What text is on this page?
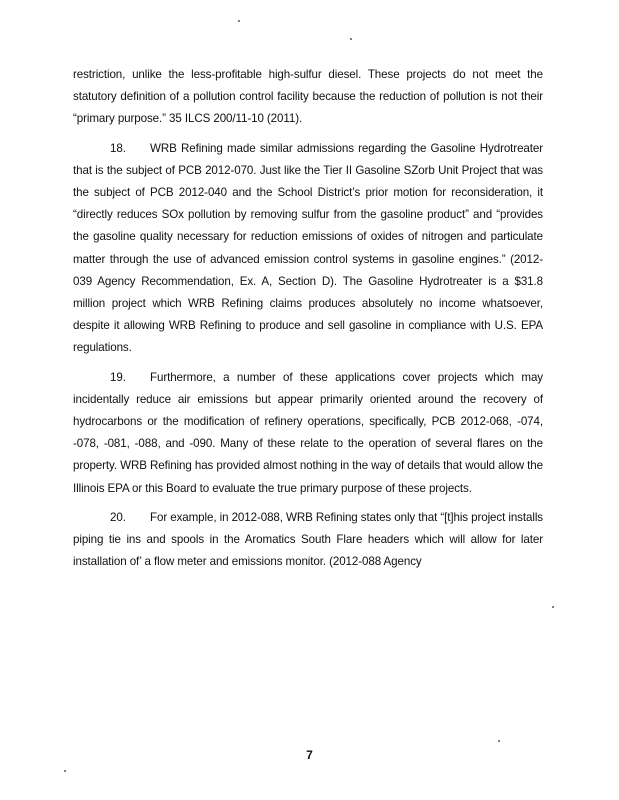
restriction, unlike the less-profitable high-sulfur diesel. These projects do not meet the statutory definition of a pollution control facility because the reduction of pollution is not their “primary purpose.” 35 ILCS 200/11-10 (2011).

18. WRB Refining made similar admissions regarding the Gasoline Hydrotreater that is the subject of PCB 2012-070. Just like the Tier II Gasoline SZorb Unit Project that was the subject of PCB 2012-040 and the School District’s prior motion for reconsideration, it “directly reduces SOx pollution by removing sulfur from the gasoline product” and “provides the gasoline quality necessary for reduction emissions of oxides of nitrogen and particulate matter through the use of advanced emission control systems in gasoline engines.” (2012-039 Agency Recommendation, Ex. A, Section D). The Gasoline Hydrotreater is a $31.8 million project which WRB Refining claims produces absolutely no income whatsoever, despite it allowing WRB Refining to produce and sell gasoline in compliance with U.S. EPA regulations.

19. Furthermore, a number of these applications cover projects which may incidentally reduce air emissions but appear primarily oriented around the recovery of hydrocarbons or the modification of refinery operations, specifically, PCB 2012-068, -074, -078, -081, -088, and -090. Many of these relate to the operation of several flares on the property. WRB Refining has provided almost nothing in the way of details that would allow the Illinois EPA or this Board to evaluate the true primary purpose of these projects.

20. For example, in 2012-088, WRB Refining states only that “[t]his project installs piping tie ins and spools in the Aromatics South Flare headers which will allow for later installation of’ a flow meter and emissions monitor. (2012-088 Agency

7
